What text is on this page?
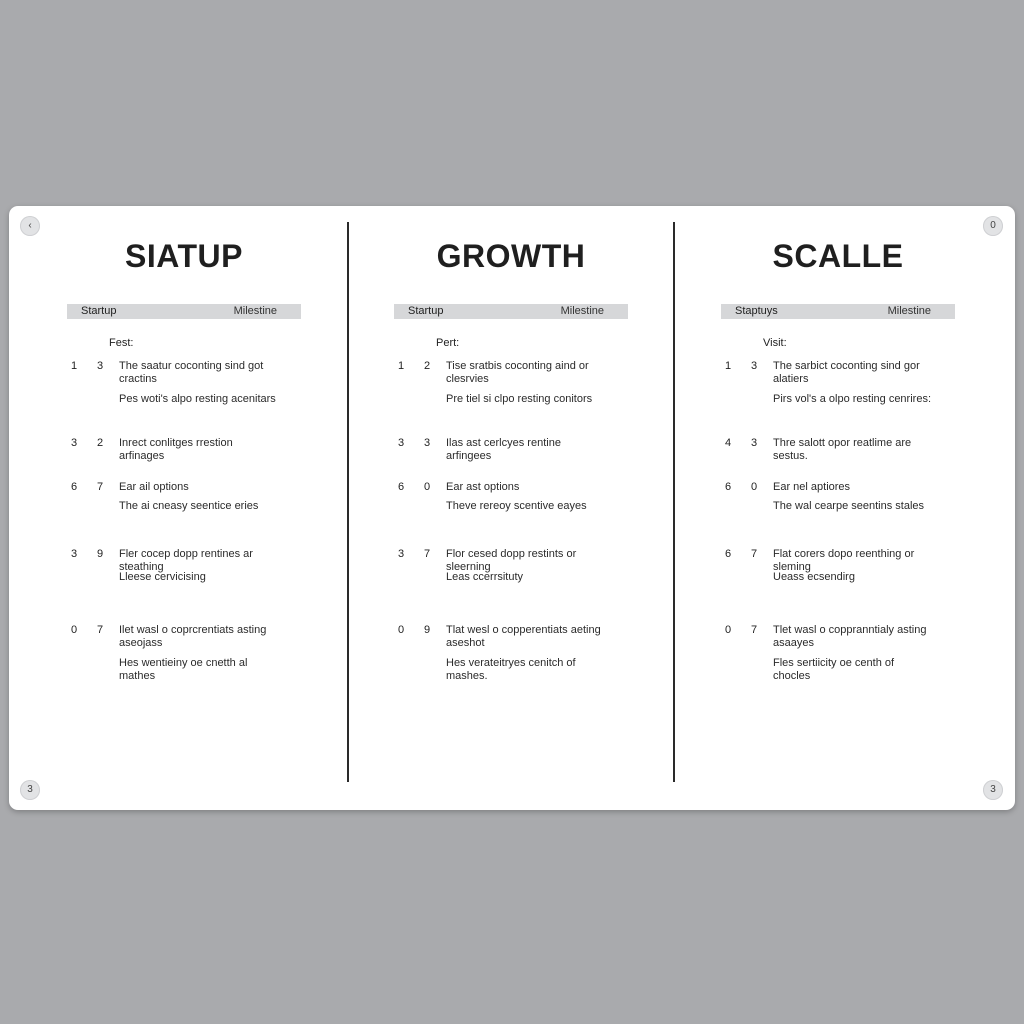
‹	0
3	3
SIATUP
Startup	Milestine
Fest:
1 3 The saatur coconting sind got cractins
Pes woti's alpo resting acenitars
3 2 Inrect conlitges rrestion arfinages
6 7 Ear ail options
The ai cneasy seentice eries
3 9 Fler cocep dopp rentines ar steathing
Lleese cervicising
0 7 Ilet wasl o coprcrentiats asting aseojass
Hes wentieiny oe cnetth al mathes
GROWTH
Startup	Milestine
Pert:
1 2 Tise sratbis coconting aind or clesrvies
Pre tiel si clpo resting conitors
3 3 Ilas ast cerlcyes rentine arfingees
6 0 Ear ast options
Theve rereoy scentive eayes
3 7 Flor cesed dopp restints or sleerning
Leas ccerrsituty
0 9 Tlat wesl o copperentiats aeting aseshot
Hes verateitryes cenitch of mashes.
SCALLE
Staptuys	Milestine
Visit:
1 3 The sarbict coconting sind gor alatiers
Pirs vol's a olpo resting cenrires:
4 3 Thre salott opor reatlime are sestus.
6 0 Ear nel aptiores
The wal cearpe seentins stales
6 7 Flat corers dopo reenthing or sleming
Ueass ecsendirg
0 7 Tlet wasl o coppranntialy asting asaayes
Fles sertiicity oe centh of chocles
